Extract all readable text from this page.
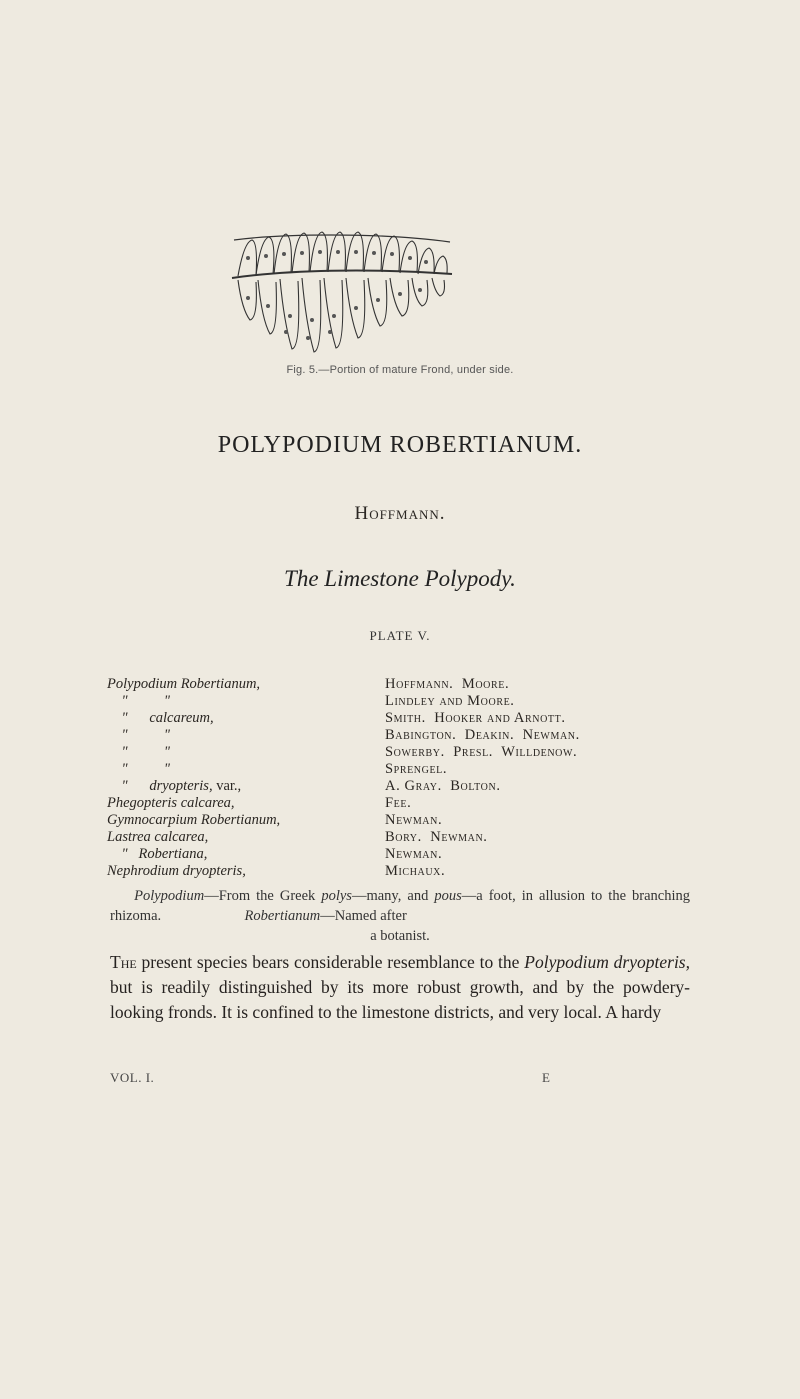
Fig. 5.—Portion of mature Frond, under side.
POLYPODIUM ROBERTIANUM.
Hoffmann.
The Limestone Polypody.
PLATE V.
Polypodium Robertianum,	Hoffmann.  Moore.
"          "	Lindley and Moore.
"      calcareum,	Smith.  Hooker and Arnott.
"          "	Babington.  Deakin.  Newman.
"          "	Sowerby.  Presl.  Willdenow.
"          "	Sprengel.
"      dryopteris, var.,	A. Gray.  Bolton.
Phegopteris calcarea,	Fee.
Gymnocarpium Robertianum,	Newman.
Lastrea calcarea,	Bory.  Newman.
"   Robertiana,	Newman.
Nephrodium dryopteris,	Michaux.

Polypodium—From the Greek polys—many, and pous—a foot, in allusion to the branching rhizoma.	Robertianum—Named after

a botanist.

The present species bears considerable resemblance to the Polypodium dryopteris, but is readily distinguished by its more robust growth, and by the powdery-looking fronds. It is confined to the limestone districts, and very local. A hardy
VOL. I.	E
